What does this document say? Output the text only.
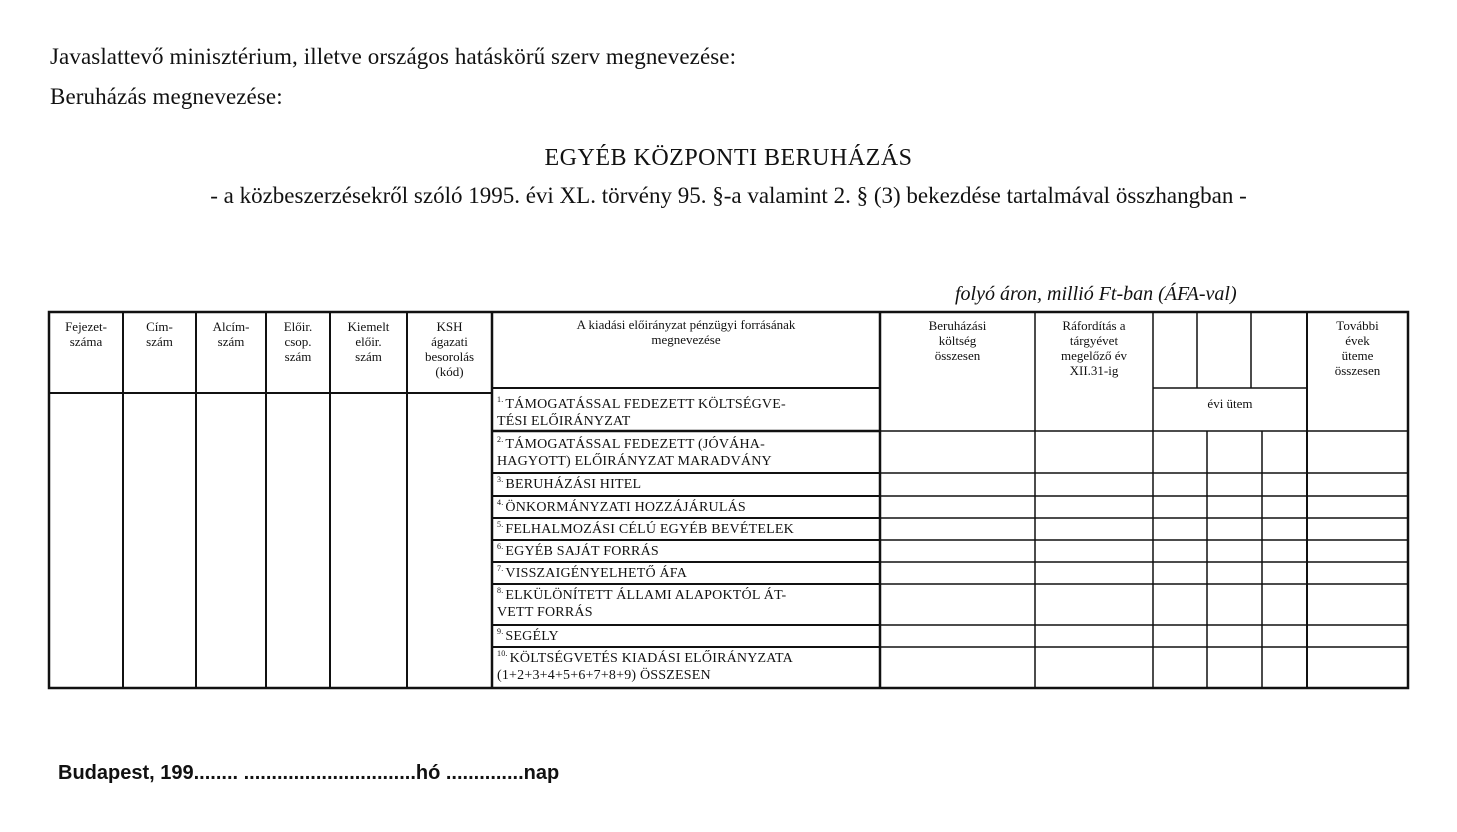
Javaslattevő minisztérium, illetve országos hatáskörű szerv megnevezése:
Beruházás megnevezése:
EGYÉB KÖZPONTI BERUHÁZÁS
- a közbeszerzésekről szóló 1995. évi XL. törvény 95. §-a valamint 2. § (3) bekezdése tartalmával összhangban -
folyó áron, millió Ft-ban (ÁFA-val)
Fejezet-
száma
Cím-
szám
Alcím-
szám
Előir.
csop.
szám
Kiemelt
előir.
szám
KSH
ágazati
besorolás
(kód)
A kiadási előirányzat pénzügyi forrásának
megnevezése
Beruházási
költség
összesen
Ráfordítás a
tárgyévet
megelőző év
XII.31-ig
évi ütem
További
évek
üteme
összesen
$^{1.}$ TÁMOGATÁSSAL FEDEZETT KÖLTSÉGVE-
TÉSI ELŐIRÁNYZAT
$^{2.}$ TÁMOGATÁSSAL FEDEZETT (JÓVÁHA-
HAGYOTT) ELŐIRÁNYZAT MARADVÁNY
$^{3.}$ BERUHÁZÁSI HITEL
$^{4.}$ ÖNKORMÁNYZATI HOZZÁJÁRULÁS
$^{5.}$ FELHALMOZÁSI CÉLÚ EGYÉB BEVÉTELEK
$^{6.}$ EGYÉB SAJÁT FORRÁS
$^{7.}$ VISSZAIGÉNYELHETŐ ÁFA
$^{8.}$ ELKÜLÖNÍTETT ÁLLAMI ALAPOKTÓL ÁT-
VETT FORRÁS
$^{9.}$ SEGÉLY
$^{10.}$ KÖLTSÉGVETÉS KIADÁSI ELŐIRÁNYZATA
(1+2+3+4+5+6+7+8+9) ÖSSZESEN
Budapest, 199........ ...............................hó ..............nap
